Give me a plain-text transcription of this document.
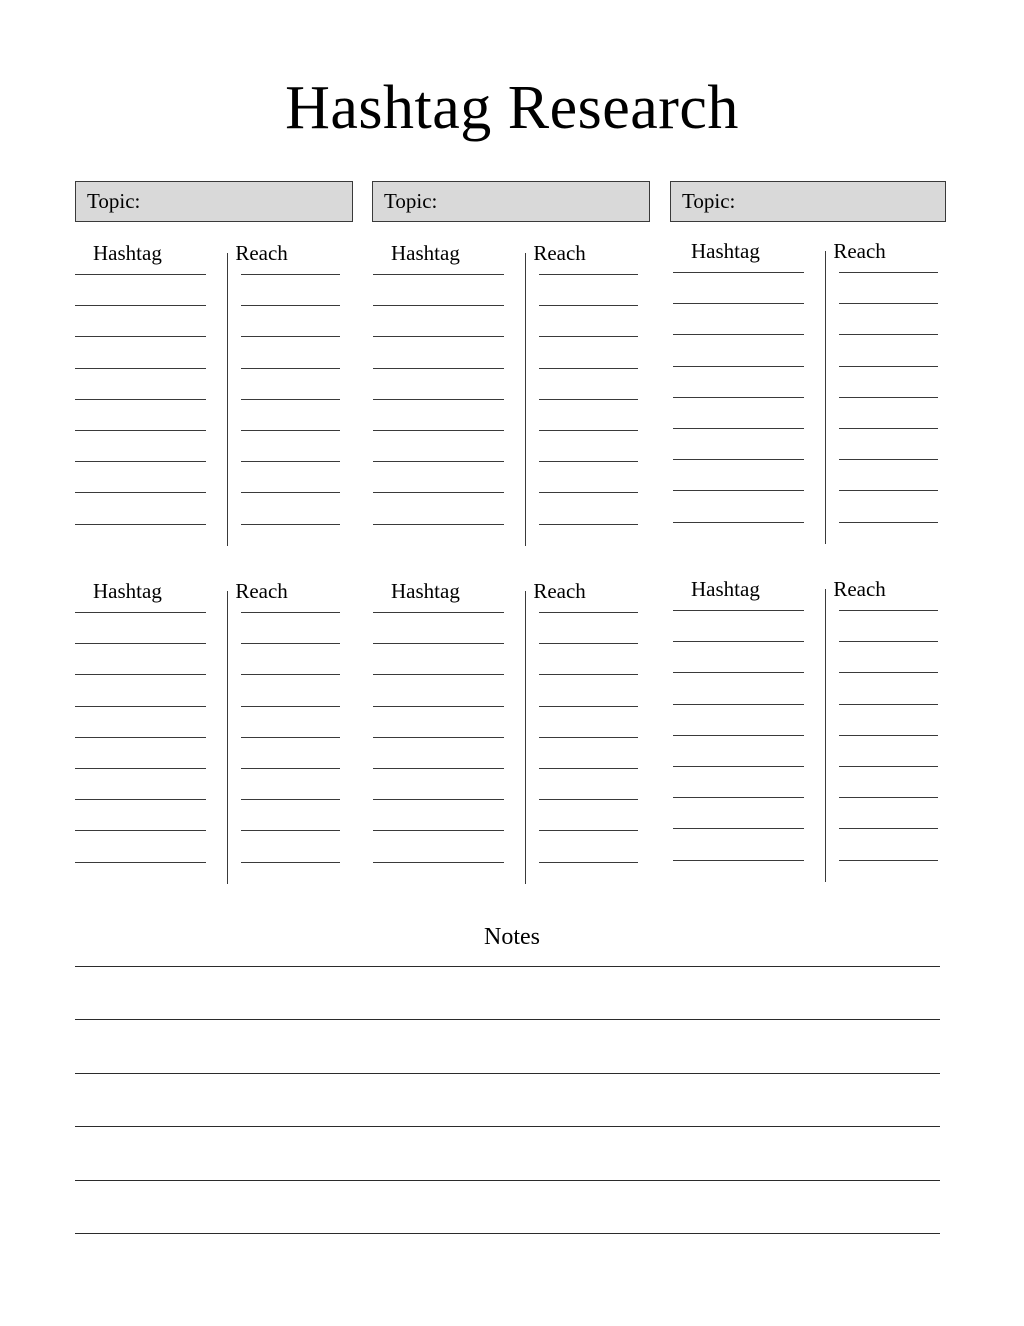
Hashtag Research
Topic:	Topic:	Topic:
Hashtag	Reach	Hashtag	Reach	Hashtag	Reach
Hashtag	Reach	Hashtag	Reach	Hashtag	Reach
Notes
